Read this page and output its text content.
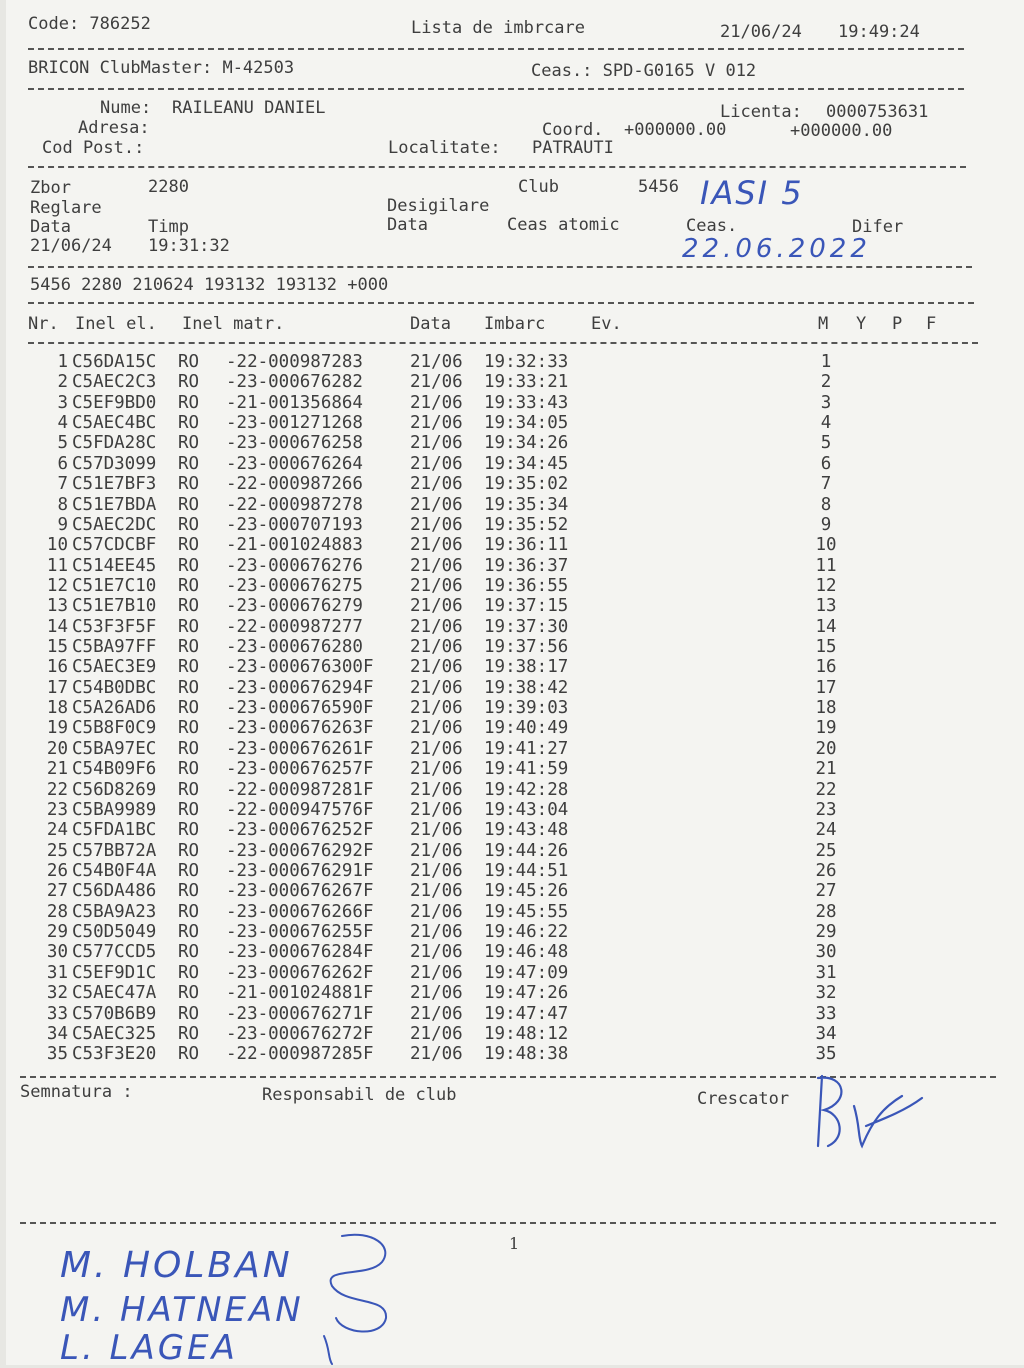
Code: 786252	Lista de imbrcare	21/06/24 19:49:24
BRICON ClubMaster: M-42503	Ceas.: SPD-G0165 V 012
Nume: RAILEANU DANIEL	Licenta: 0000753631
Adresa:	Coord. +000000.00	+000000.00
Cod Post.:	Localitate: PATRAUTI
Zbor	2280	Club	5456
Reglare	Desigilare
Data	Timp	Data	Ceas atomic	Ceas.	Difer
21/06/24 19:31:32
5456 2280 210624 193132 193132 +000
Nr. Inel el. Inel matr.	Data Imbarc	Ev.	M Y P F
1 C56DA15C RO -22-000987283	21/06 19:32:33	1
2 C5AEC2C3 RO -23-000676282	21/06 19:33:21	2
3 C5EF9BD0 RO -21-001356864	21/06 19:33:43	3
4 C5AEC4BC RO -23-001271268	21/06 19:34:05	4
5 C5FDA28C RO -23-000676258	21/06 19:34:26	5
6 C57D3099 RO -23-000676264	21/06 19:34:45	6
7 C51E7BF3 RO -22-000987266	21/06 19:35:02	7
8 C51E7BDA RO -22-000987278	21/06 19:35:34	8
9 C5AEC2DC RO -23-000707193	21/06 19:35:52	9
10 C57CDCBF RO -21-001024883	21/06 19:36:11	10
11 C514EE45 RO -23-000676276	21/06 19:36:37	11
12 C51E7C10 RO -23-000676275	21/06 19:36:55	12
13 C51E7B10 RO -23-000676279	21/06 19:37:15	13
14 C53F3F5F RO -22-000987277	21/06 19:37:30	14
15 C5BA97FF RO -23-000676280	21/06 19:37:56	15
16 C5AEC3E9 RO -23-000676300F 21/06 19:38:17	16
17 C54B0DBC RO -23-000676294F 21/06 19:38:42	17
18 C5A26AD6 RO -23-000676590F 21/06 19:39:03	18
19 C5B8F0C9 RO -23-000676263F 21/06 19:40:49	19
20 C5BA97EC RO -23-000676261F 21/06 19:41:27	20
21 C54B09F6 RO -23-000676257F 21/06 19:41:59	21
22 C56D8269 RO -22-000987281F 21/06 19:42:28	22
23 C5BA9989 RO -22-000947576F 21/06 19:43:04	23
24 C5FDA1BC RO -23-000676252F 21/06 19:43:48	24
25 C57BB72A RO -23-000676292F 21/06 19:44:26	25
26 C54B0F4A RO -23-000676291F 21/06 19:44:51	26
27 C56DA486 RO -23-000676267F 21/06 19:45:26	27
28 C5BA9A23 RO -23-000676266F 21/06 19:45:55	28
29 C50D5049 RO -23-000676255F 21/06 19:46:22	29
30 C577CCD5 RO -23-000676284F 21/06 19:46:48	30
31 C5EF9D1C RO -23-000676262F 21/06 19:47:09	31
32 C5AEC47A RO -21-001024881F 21/06 19:47:26	32
33 C570B6B9 RO -23-000676271F 21/06 19:47:47	33
34 C5AEC325 RO -23-000676272F 21/06 19:48:12	34
35 C53F3E20 RO -22-000987285F 21/06 19:48:38	35
Semnatura :	Responsabil de club	Crescator
1
IASI 5
22.06.2022
M. HOLBAN
M. HATNEAN
L. LAGEA
